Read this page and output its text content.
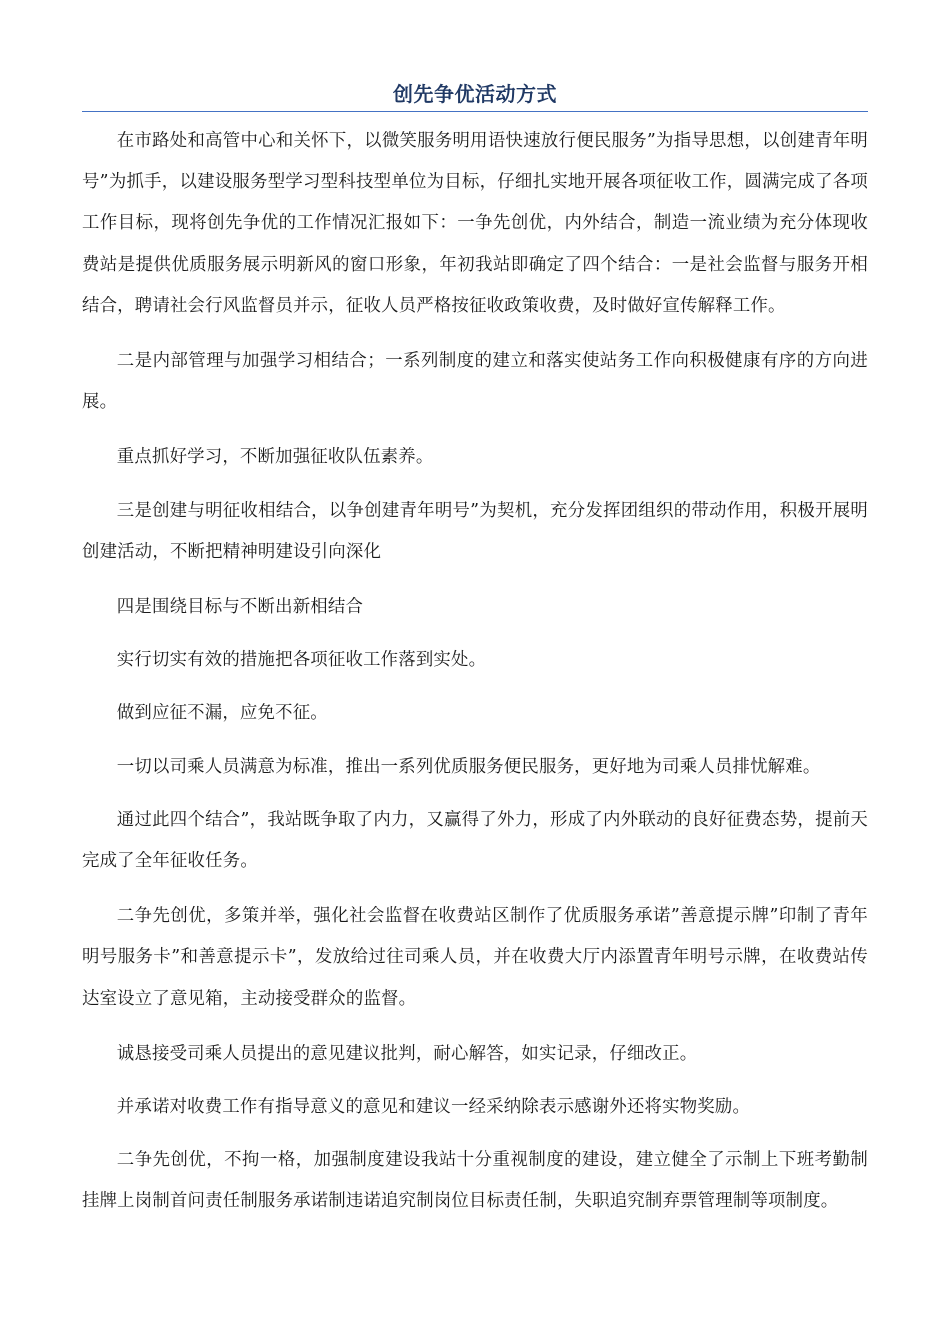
创先争优活动方式

在市路处和高管中心和关怀下，以微笑服务明用语快速放行便民服务”为指导思想，以创建青年明号”为抓手，以建设服务型学习型科技型单位为目标，仔细扎实地开展各项征收工作，圆满完成了各项工作目标，现将创先争优的工作情况汇报如下：一争先创优，内外结合，制造一流业绩为充分体现收费站是提供优质服务展示明新风的窗口形象，年初我站即确定了四个结合：一是社会监督与服务开相结合，聘请社会行风监督员并示，征收人员严格按征收政策收费，及时做好宣传解释工作。

二是内部管理与加强学习相结合；一系列制度的建立和落实使站务工作向积极健康有序的方向进展。

重点抓好学习，不断加强征收队伍素养。

三是创建与明征收相结合，以争创建青年明号”为契机，充分发挥团组织的带动作用，积极开展明创建活动，不断把精神明建设引向深化

四是围绕目标与不断出新相结合

实行切实有效的措施把各项征收工作落到实处。

做到应征不漏，应免不征。

一切以司乘人员满意为标准，推出一系列优质服务便民服务，更好地为司乘人员排忧解难。

通过此四个结合”，我站既争取了内力，又赢得了外力，形成了内外联动的良好征费态势，提前天完成了全年征收任务。

二争先创优，多策并举，强化社会监督在收费站区制作了优质服务承诺”善意提示牌”印制了青年明号服务卡”和善意提示卡”，发放给过往司乘人员，并在收费大厅内添置青年明号示牌，在收费站传达室设立了意见箱，主动接受群众的监督。

诚恳接受司乘人员提出的意见建议批判，耐心解答，如实记录，仔细改正。

并承诺对收费工作有指导意义的意见和建议一经采纳除表示感谢外还将实物奖励。

二争先创优，不拘一格，加强制度建设我站十分重视制度的建设，建立健全了示制上下班考勤制挂牌上岗制首问责任制服务承诺制违诺追究制岗位目标责任制，失职追究制弃票管理制等项制度。
